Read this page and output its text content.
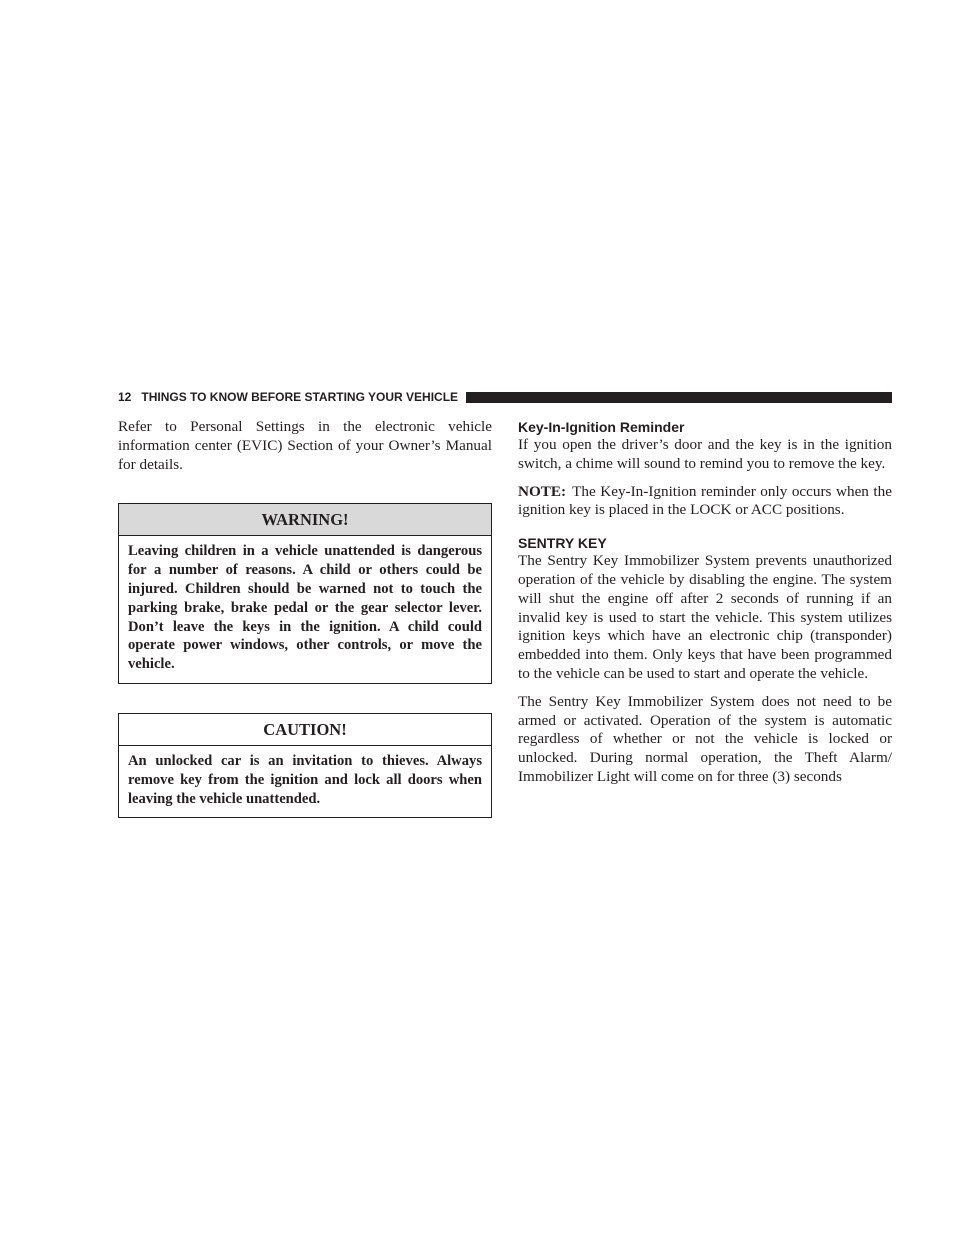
12 THINGS TO KNOW BEFORE STARTING YOUR VEHICLE

Refer to Personal Settings in the electronic vehicle information center (EVIC) Section of your Owner’s Manual for details.

WARNING!
Leaving children in a vehicle unattended is dangerous for a number of reasons. A child or others could be injured. Children should be warned not to touch the parking brake, brake pedal or the gear selector lever. Don’t leave the keys in the ignition. A child could operate power windows, other controls, or move the vehicle.
CAUTION!
An unlocked car is an invitation to thieves. Always remove key from the ignition and lock all doors when leaving the vehicle unattended.
Key-In-Ignition Reminder

If you open the driver’s door and the key is in the ignition switch, a chime will sound to remind you to remove the key.

NOTE: The Key-In-Ignition reminder only occurs when the ignition key is placed in the LOCK or ACC positions.

SENTRY KEY

The Sentry Key Immobilizer System prevents unauthorized operation of the vehicle by disabling the engine. The system will shut the engine off after 2 seconds of running if an invalid key is used to start the vehicle. This system utilizes ignition keys which have an electronic chip (transponder) embedded into them. Only keys that have been programmed to the vehicle can be used to start and operate the vehicle.

The Sentry Key Immobilizer System does not need to be armed or activated. Operation of the system is automatic regardless of whether or not the vehicle is locked or unlocked. During normal operation, the Theft Alarm/ Immobilizer Light will come on for three (3) seconds
